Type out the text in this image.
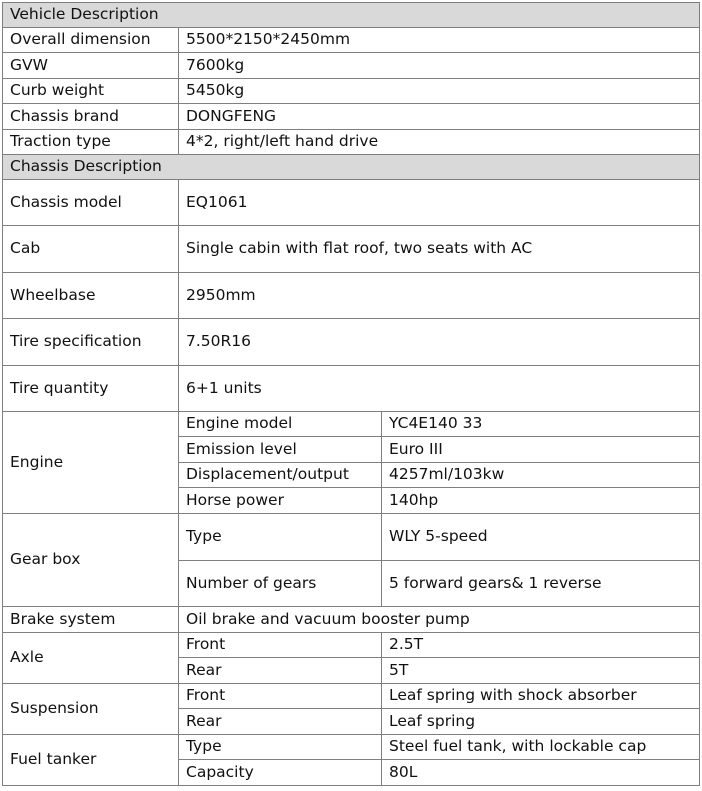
Vehicle Description		
Overall dimension	5500*2150*2450mm	
GVW	7600kg	
Curb weight	5450kg	
Chassis brand	DONGFENG	
Traction type	4*2, right/left hand drive	
Chassis Description		
Chassis model	EQ1061	
Cab	Single cabin with flat roof, two seats with AC	
Wheelbase	2950mm	
Tire specification	7.50R16	
Tire quantity	6+1 units	
Engine	Engine model	YC4E140 33
	Emission level	Euro III
	Displacement/output	4257ml/103kw
	Horse power	140hp
Gear box	Type	WLY 5-speed
	Number of gears	5 forward gears& 1 reverse
Brake system	Oil brake and vacuum booster pump	
Axle	Front	2.5T
	Rear	5T
Suspension	Front	Leaf spring with shock absorber
	Rear	Leaf spring
Fuel tanker	Type	Steel fuel tank, with lockable cap
	Capacity	80L
